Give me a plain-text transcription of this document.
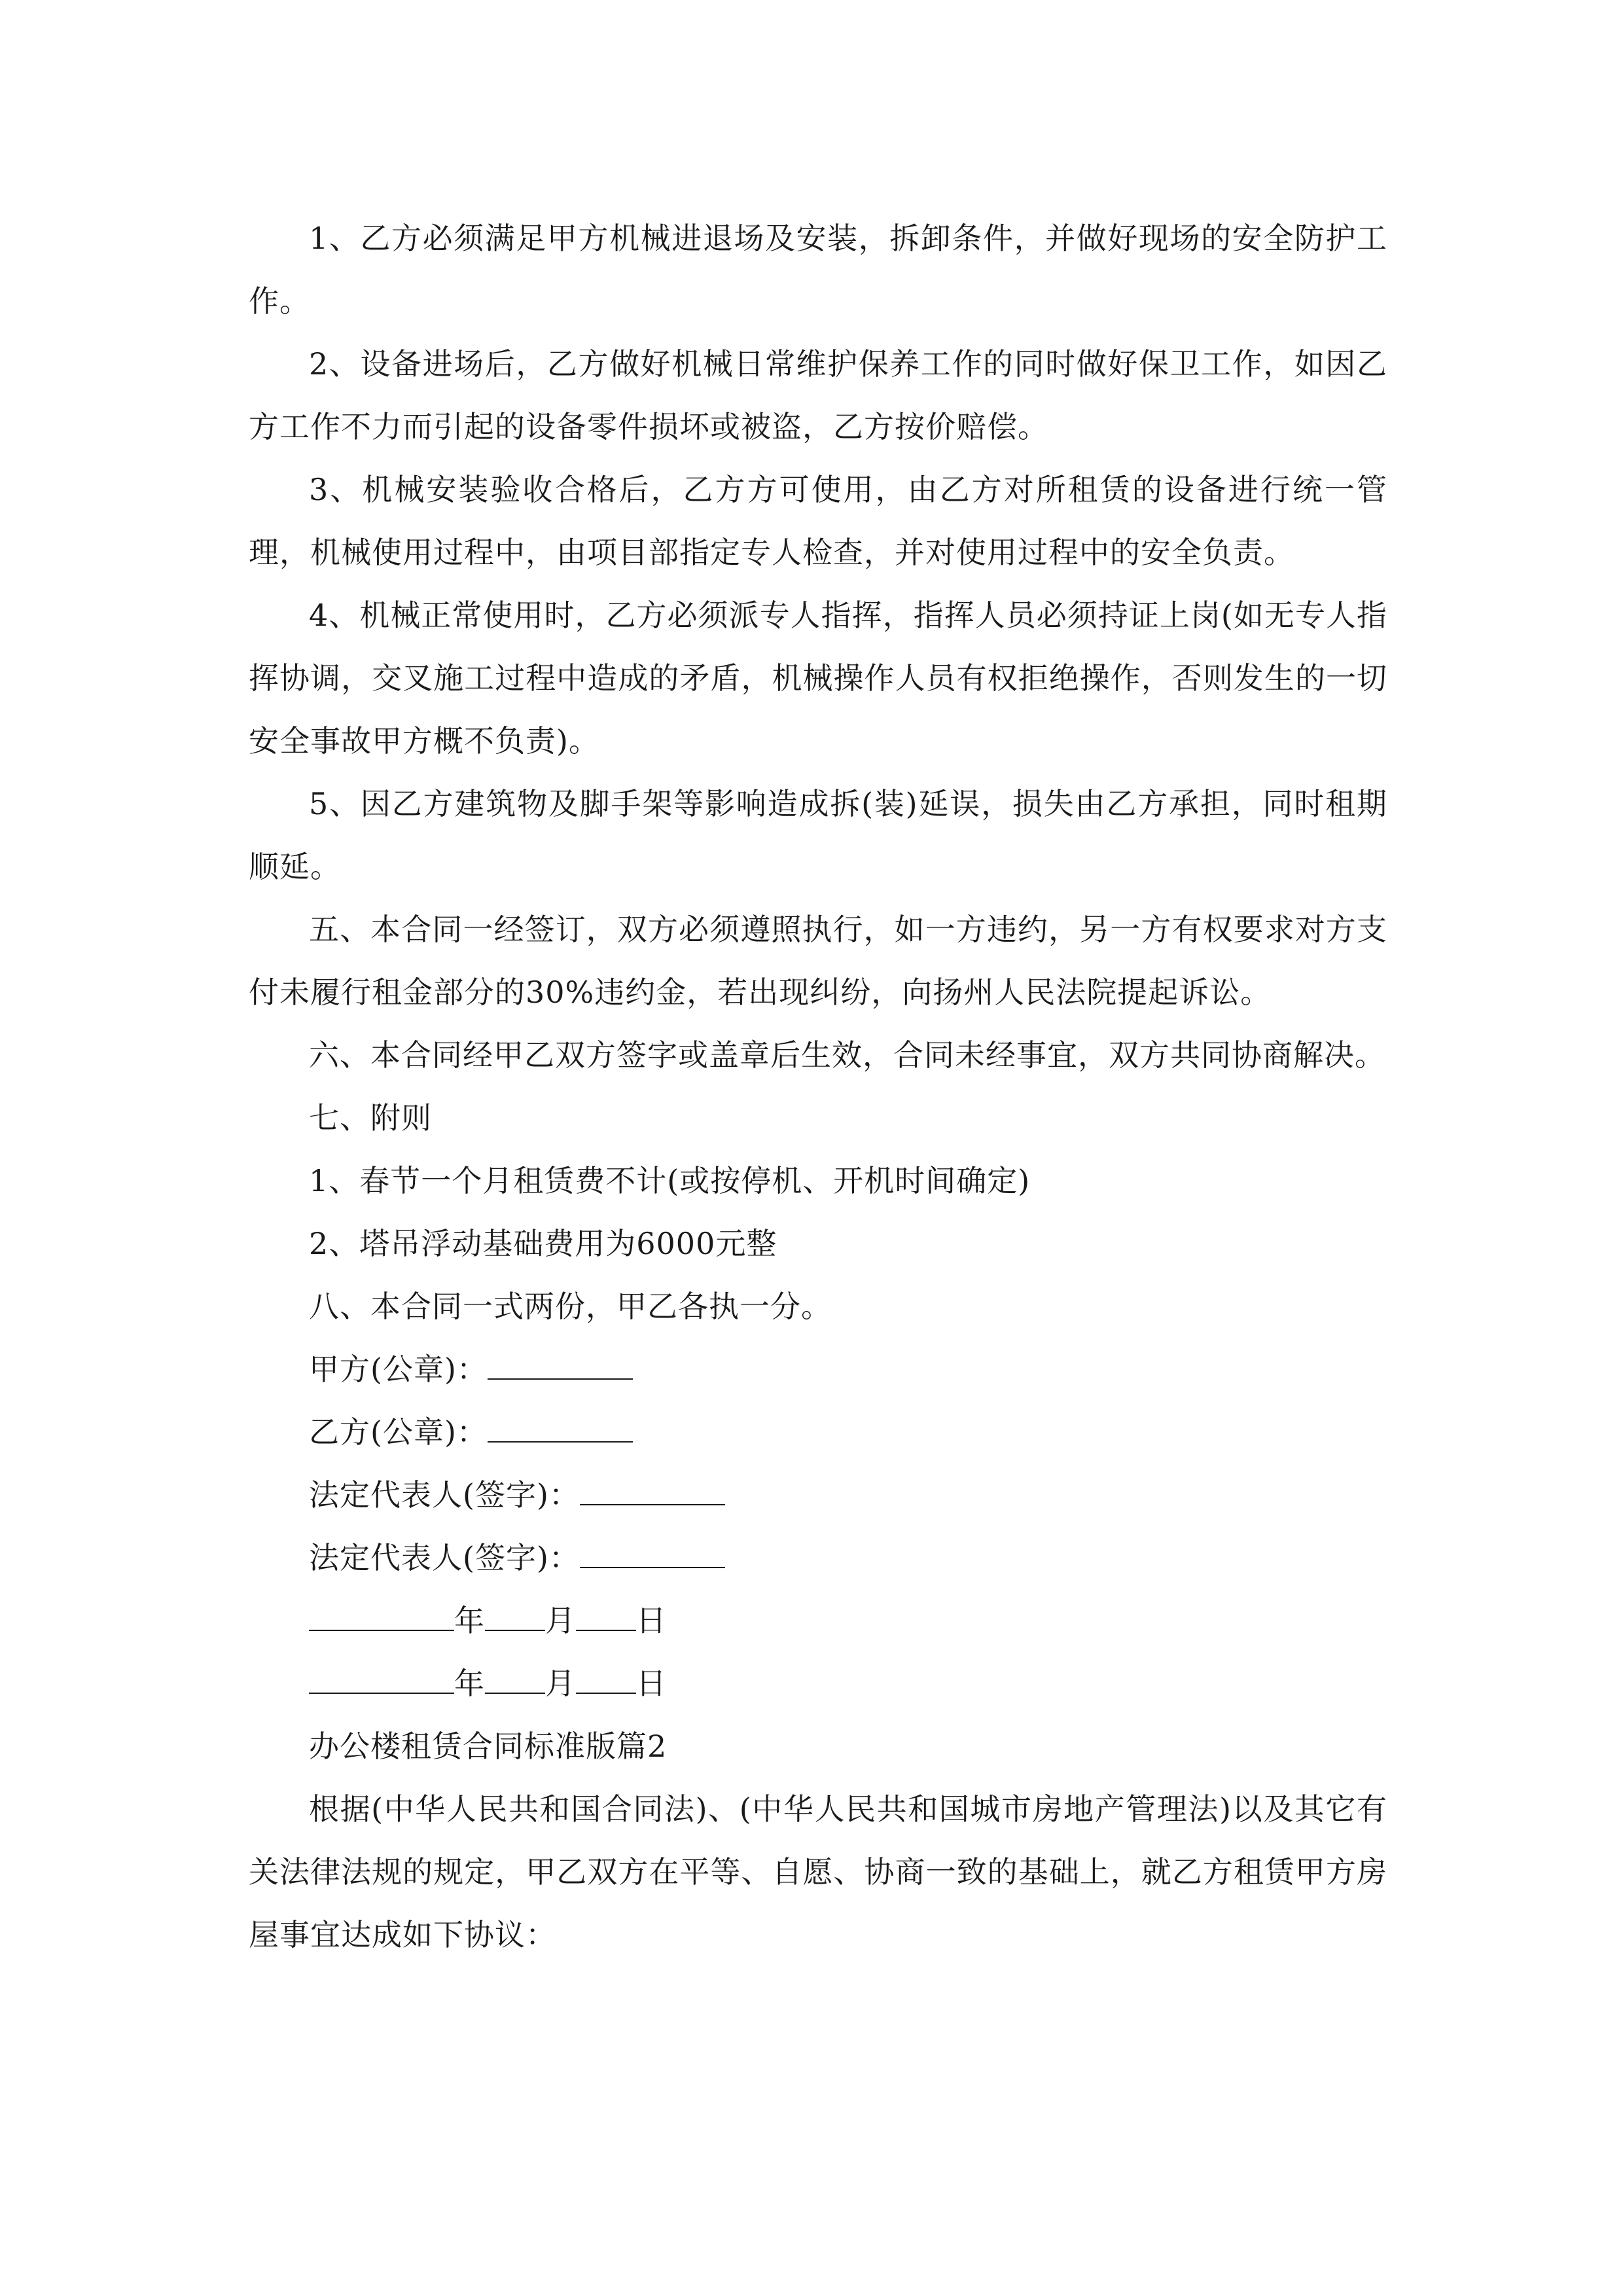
1、乙方必须满足甲方机械进退场及安装，拆卸条件，并做好现场的安全防护工作。

2、设备进场后，乙方做好机械日常维护保养工作的同时做好保卫工作，如因乙方工作不力而引起的设备零件损坏或被盗，乙方按价赔偿。

3、机械安装验收合格后，乙方方可使用，由乙方对所租赁的设备进行统一管理，机械使用过程中，由项目部指定专人检查，并对使用过程中的安全负责。

4、机械正常使用时，乙方必须派专人指挥，指挥人员必须持证上岗(如无专人指挥协调，交叉施工过程中造成的矛盾，机械操作人员有权拒绝操作，否则发生的一切安全事故甲方概不负责)。

5、因乙方建筑物及脚手架等影响造成拆(装)延误，损失由乙方承担，同时租期顺延。

五、本合同一经签订，双方必须遵照执行，如一方违约，另一方有权要求对方支付未履行租金部分的30%违约金，若出现纠纷，向扬州人民法院提起诉讼。

六、本合同经甲乙双方签字或盖章后生效，合同未经事宜，双方共同协商解决。

七、附则

1、春节一个月租赁费不计(或按停机、开机时间确定)

2、塔吊浮动基础费用为6000元整

八、本合同一式两份，甲乙各执一分。

甲方(公章)：

乙方(公章)：

法定代表人(签字)：

法定代表人(签字)：

年 月 日

年 月 日

办公楼租赁合同标准版篇2

根据(中华人民共和国合同法)、(中华人民共和国城市房地产管理法)以及其它有关法律法规的规定，甲乙双方在平等、自愿、协商一致的基础上，就乙方租赁甲方房屋事宜达成如下协议：
